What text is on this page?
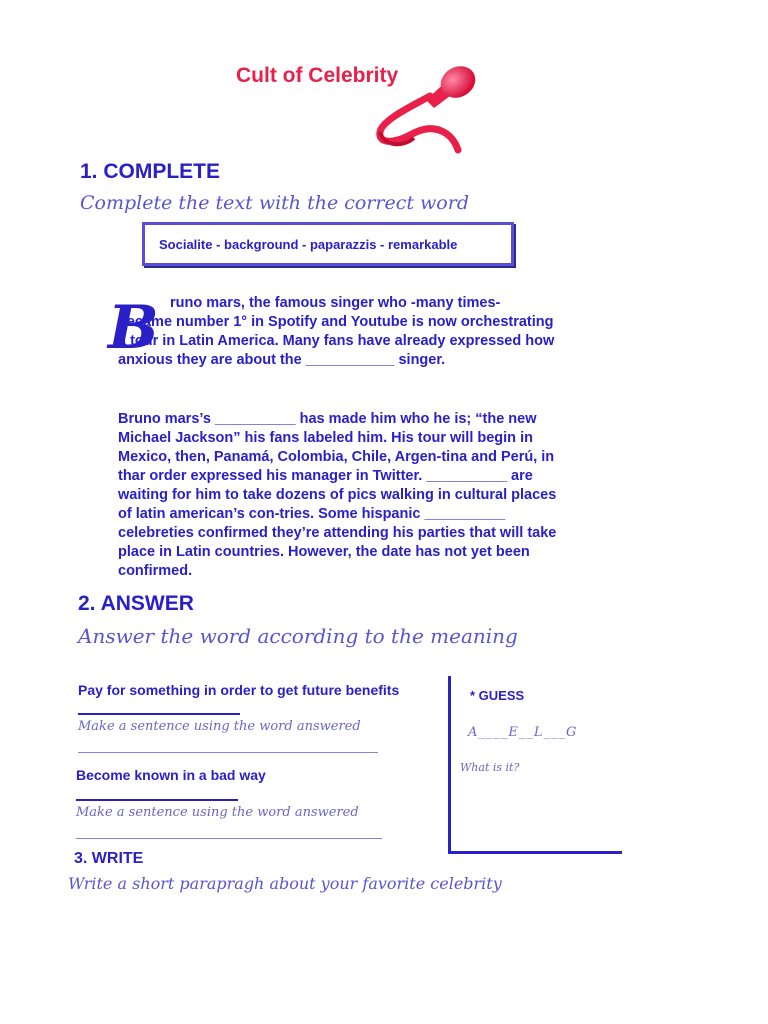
Cult of Celebrity
1. COMPLETE

Complete the text with the correct word

Socialite - background - paparazzis - remarkable
B runo mars, the famous singer who -many times- became number 1° in Spotify and Youtube is now orchestrating a tour in Latin America. Many fans have already expressed how anxious they are about the ___________ singer.

Bruno mars’s __________ has made him who he is; “the new Michael Jackson” his fans labeled him. His tour will begin in Mexico, then, Panamá, Colombia, Chile, Argen-tina and Perú, in thar order expressed his manager in Twitter. __________ are waiting for him to take dozens of pics walking in cultural places of latin american’s con-tries. Some hispanic __________ celebreties confirmed they’re attending his parties that will take place in Latin countries. However, the date has not yet been confirmed.

2. ANSWER

Answer the word according to the meaning

Pay for something in order to get future benefits

Make a sentence using the word answered

Become known in a bad way

Make a sentence using the word answered

* GUESS

A____E__L___G

What is it?

3. WRITE

Write a short parapragh about your favorite celebrity
